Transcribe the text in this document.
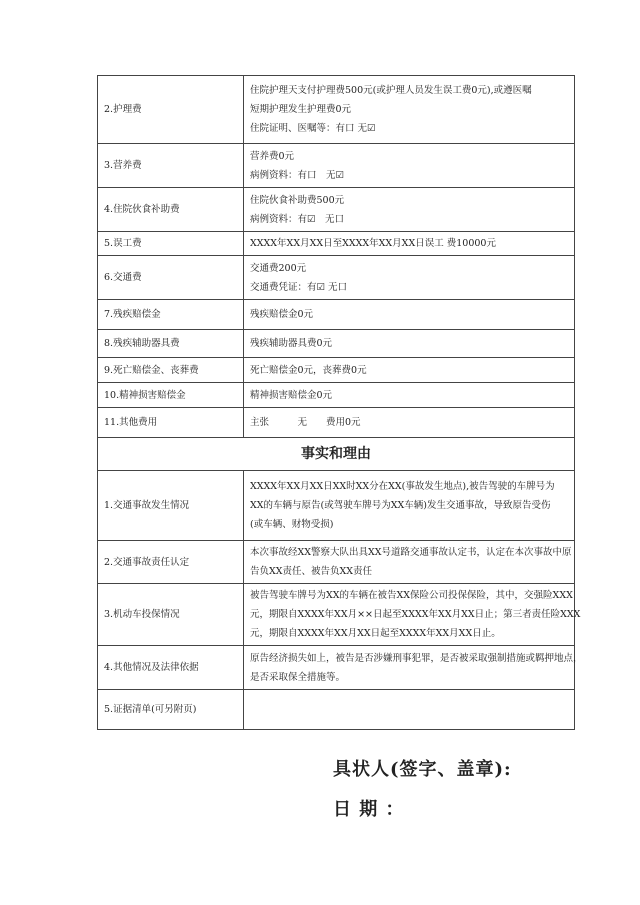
2.护理费	住院护理天支付护理费500元(或护理人员发生误工费0元),或遵医嘱
短期护理发生护理费0元
住院证明、医嘱等：有口 无☑

3.营养费	营养费0元
病例资料：有口　无☑

4.住院伙食补助费	住院伙食补助费500元
病例资料：有☑　无口

5.误工费	XXXX年XX月XX日至XXXX年XX月XX日误工 费10000元

6.交通费	交通费200元
交通费凭证：有☑ 无口

7.残疾赔偿金	残疾赔偿金0元

8.残疾辅助器具费	残疾辅助器具费0元

9.死亡赔偿金、丧葬费	死亡赔偿金0元，丧葬费0元

10.精神损害赔偿金	精神损害赔偿金0元

11.其他费用	主张　　　无　　费用0元

事实和理由	
1.交通事故发生情况	XXXX年XX月XX日XX时XX分在XX(事故发生地点),被告驾驶的车牌号为
XX的车辆与原告(或驾驶车牌号为XX车辆)发生交通事故，导致原告受伤
(或车辆、财物受损)

2.交通事故责任认定	本次事故经XX警察大队出具XX号道路交通事故认定书，认定在本次事故中原
告负XX责任、被告负XX责任

3.机动车投保情况	被告驾驶车牌号为XX的车辆在被告XX保险公司投保保险，其中，交强险XXX
元，期限自XXXX年XX月××日起至XXXX年XX月XX日止；第三者责任险XXX
元，期限自XXXX年XX月XX日起至XXXX年XX月XX日止。

4.其他情况及法律依据	原告经济损失如上，被告是否涉嫌刑事犯罪，是否被采取强制措施或羁押地点，
是否采取保全措施等。

5.证据清单(可另附页)	
具状人(签字、盖章):
日 期 ：
